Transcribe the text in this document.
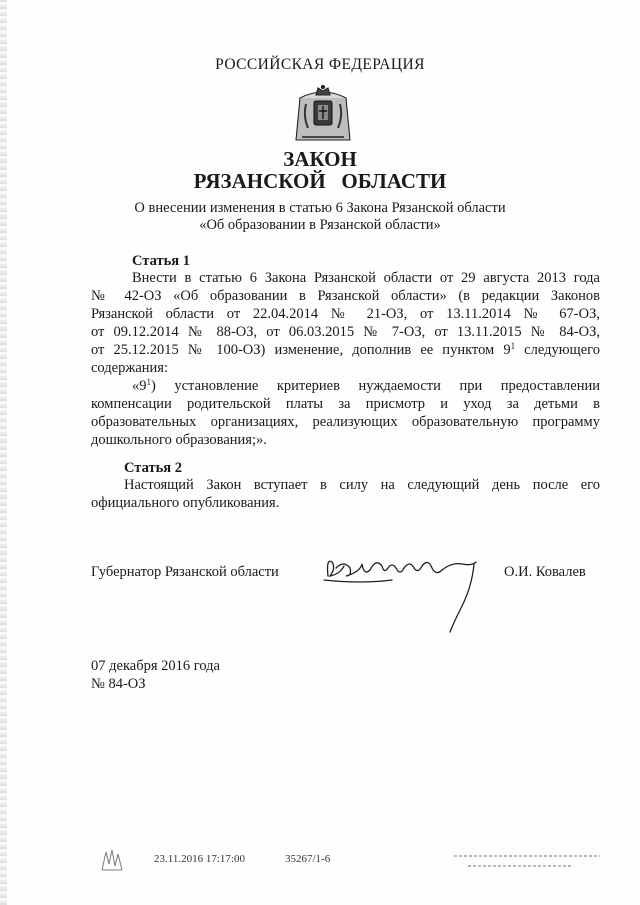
РОССИЙСКАЯ ФЕДЕРАЦИЯ
ЗАКОН
РЯЗАНСКОЙ   ОБЛАСТИ
О внесении изменения в статью 6 Закона Рязанской области
«Об образовании в Рязанской области»
Статья 1
Внести в статью 6 Закона Рязанской области от 29 августа 2013 года
№ 42-ОЗ «Об образовании в Рязанской области» (в редакции Законов
Рязанской области от 22.04.2014 № 21-ОЗ, от 13.11.2014 № 67-ОЗ,
от 09.12.2014 № 88-ОЗ, от 06.03.2015 № 7-ОЗ, от 13.11.2015 № 84-ОЗ,
от 25.12.2015 № 100-ОЗ) изменение, дополнив ее пунктом $9^1$ следующего
содержания:
«$9^1$) установление критериев нуждаемости при предоставлении
компенсации родительской платы за присмотр и уход за детьми в
образовательных организациях, реализующих образовательную программу
дошкольного образования;».
Статья 2
Настоящий Закон вступает в силу на следующий день после его
официального опубликования.
Губернатор Рязанской области	О.И. Ковалев
07 декабря 2016 года
№ 84-ОЗ
23.11.2016 17:17:00	35267/1-6
